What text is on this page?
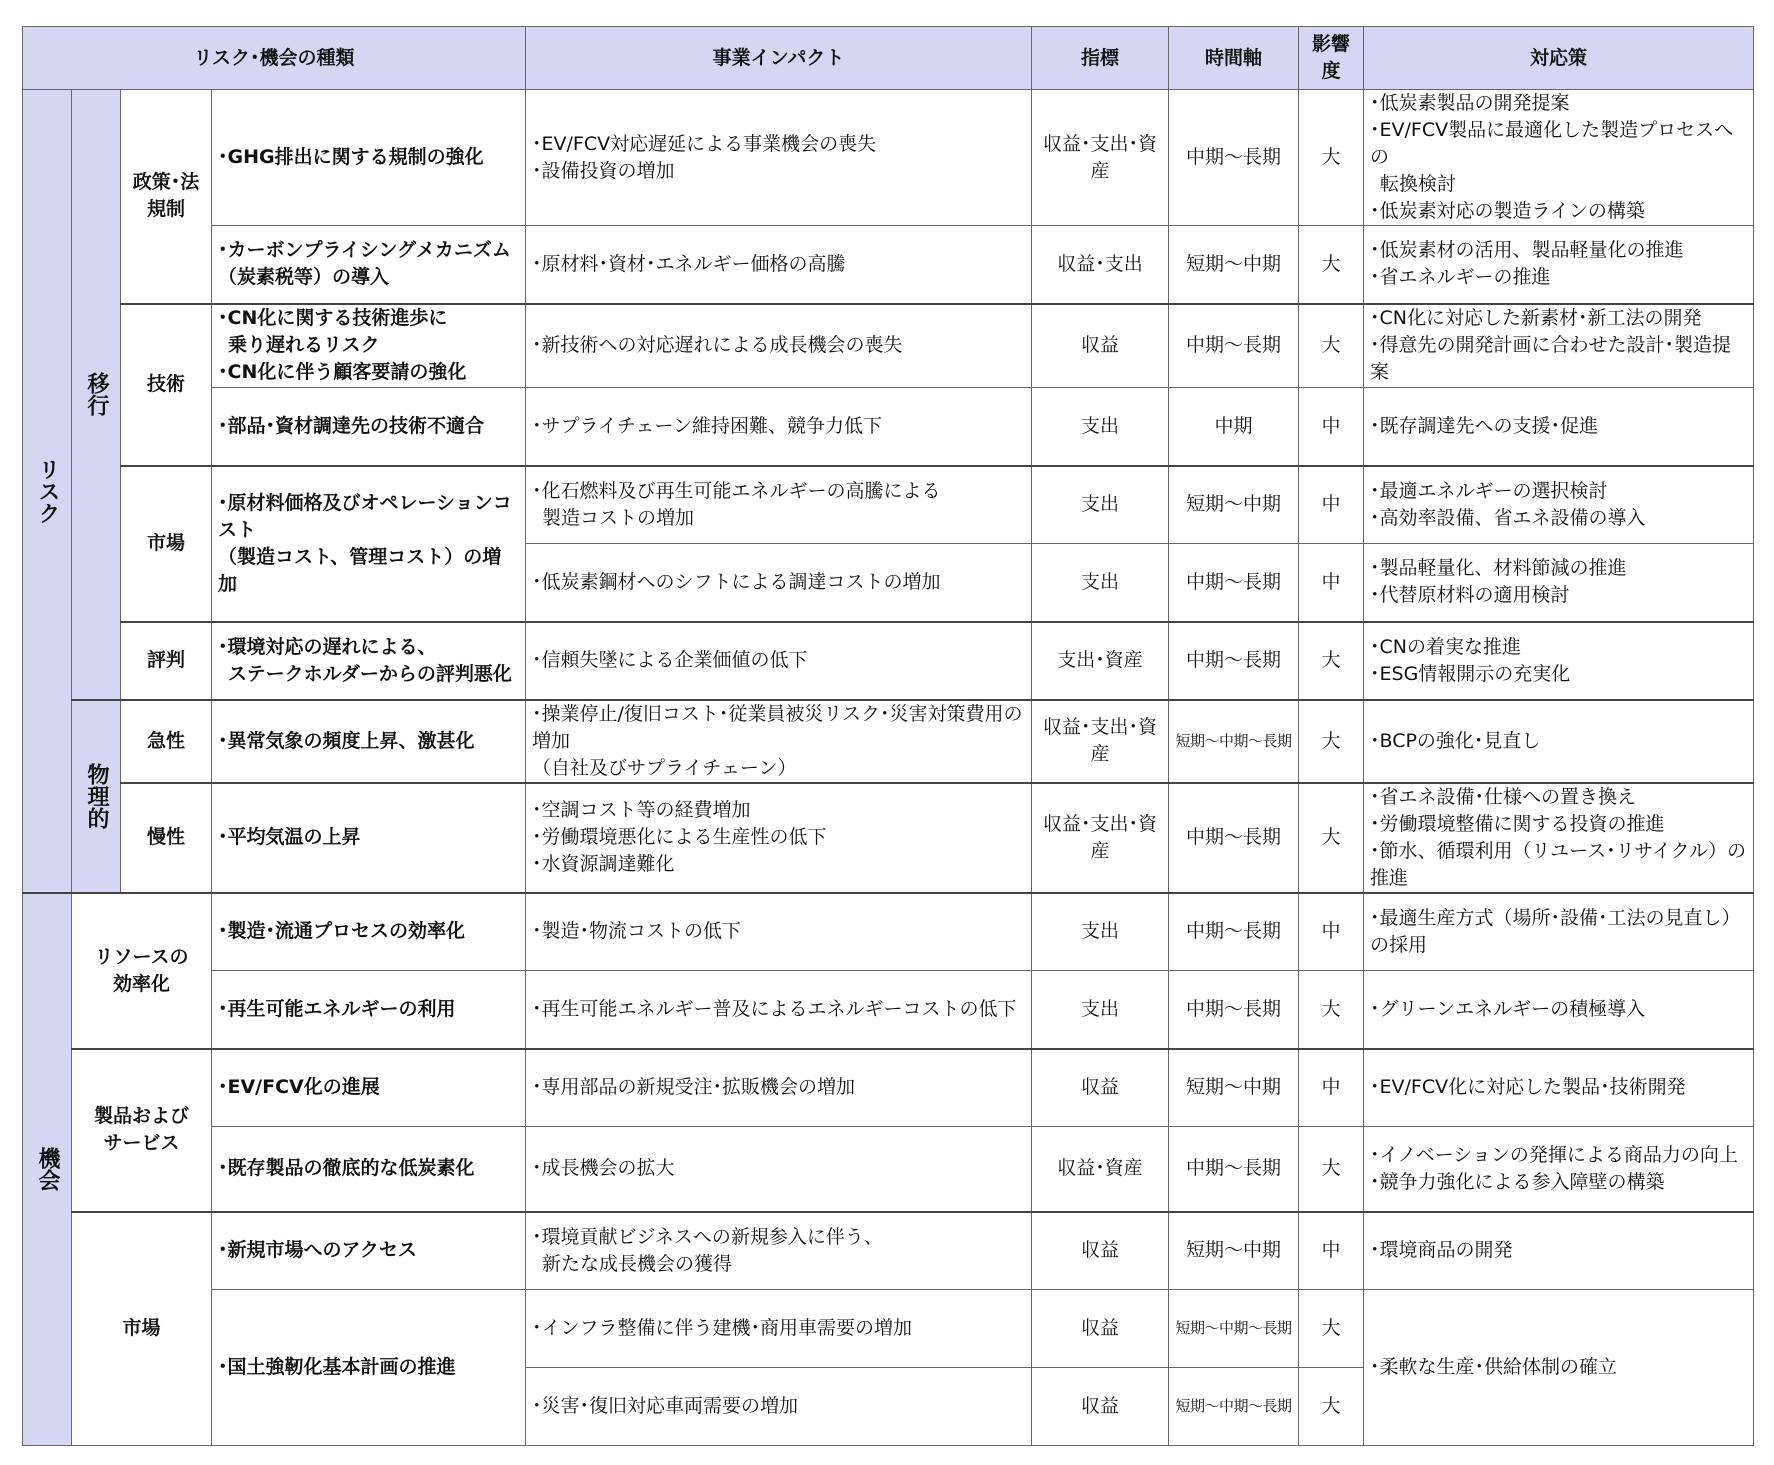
リスク･機会の種類				事業インパクト	指標	時間軸	影響度	対応策

リスク	移行	政策･法規制	･GHG排出に関する規制の強化	･EV/FCV対応遅延による事業機会の喪失
･設備投資の増加	収益･支出･資産	中期～長期	大	･低炭素製品の開発提案
･EV/FCV製品に最適化した製造プロセスへの
転換検討
･低炭素対応の製造ラインの構築

			･カーボンプライシングメカニズム
（炭素税等）の導入	･原材料･資材･エネルギー価格の高騰	収益･支出	短期～中期	大	･低炭素材の活用、製品軽量化の推進
･省エネルギーの推進

		技術	･CN化に関する技術進歩に
乗り遅れるリスク
･CN化に伴う顧客要請の強化	･新技術への対応遅れによる成長機会の喪失	収益	中期～長期	大	･CN化に対応した新素材･新工法の開発
･得意先の開発計画に合わせた設計･製造提案

			･部品･資材調達先の技術不適合	･サプライチェーン維持困難、競争力低下	支出	中期	中	･既存調達先への支援･促進
		市場	･原材料価格及びオペレーションコスト
（製造コスト、管理コスト）の増加	･化石燃料及び再生可能エネルギーの高騰による
製造コストの増加	支出	短期～中期	中	･最適エネルギーの選択検討
･高効率設備、省エネ設備の導入

				･低炭素鋼材へのシフトによる調達コストの増加	支出	中期～長期	中	･製品軽量化、材料節減の推進
･代替原材料の適用検討

		評判	･環境対応の遅れによる、
ステークホルダーからの評判悪化	･信頼失墜による企業価値の低下	支出･資産	中期～長期	大	･CNの着実な推進
･ESG情報開示の充実化

	物理的	急性	･異常気象の頻度上昇、激甚化	･操業停止/復旧コスト･従業員被災リスク･災害対策費用の増加
（自社及びサプライチェーン）	収益･支出･資産	短期～中期～長期	大	･BCPの強化･見直し
		慢性	･平均気温の上昇	･空調コスト等の経費増加
･労働環境悪化による生産性の低下
･水資源調達難化	収益･支出･資産	中期～長期	大	･省エネ設備･仕様への置き換え
･労働環境整備に関する投資の推進
･節水、循環利用（リユース･リサイクル）の推進

機会	リソースの効率化		･製造･流通プロセスの効率化	･製造･物流コストの低下	支出	中期～長期	中	･最適生産方式（場所･設備･工法の見直し）の採用
			･再生可能エネルギーの利用	･再生可能エネルギー普及によるエネルギーコストの低下	支出	中期～長期	大	･グリーンエネルギーの積極導入
	製品およびサービス		･EV/FCV化の進展	･専用部品の新規受注･拡販機会の増加	収益	短期～中期	中	･EV/FCV化に対応した製品･技術開発
			･既存製品の徹底的な低炭素化	･成長機会の拡大	収益･資産	中期～長期	大	･イノベーションの発揮による商品力の向上
･競争力強化による参入障壁の構築

	市場		･新規市場へのアクセス	･環境貢献ビジネスへの新規参入に伴う、
新たな成長機会の獲得	収益	短期～中期	中	･環境商品の開発
			･国土強靭化基本計画の推進	･インフラ整備に伴う建機･商用車需要の増加	収益	短期～中期～長期	大	･柔軟な生産･供給体制の確立
				･災害･復旧対応車両需要の増加	収益	短期～中期～長期	大	
